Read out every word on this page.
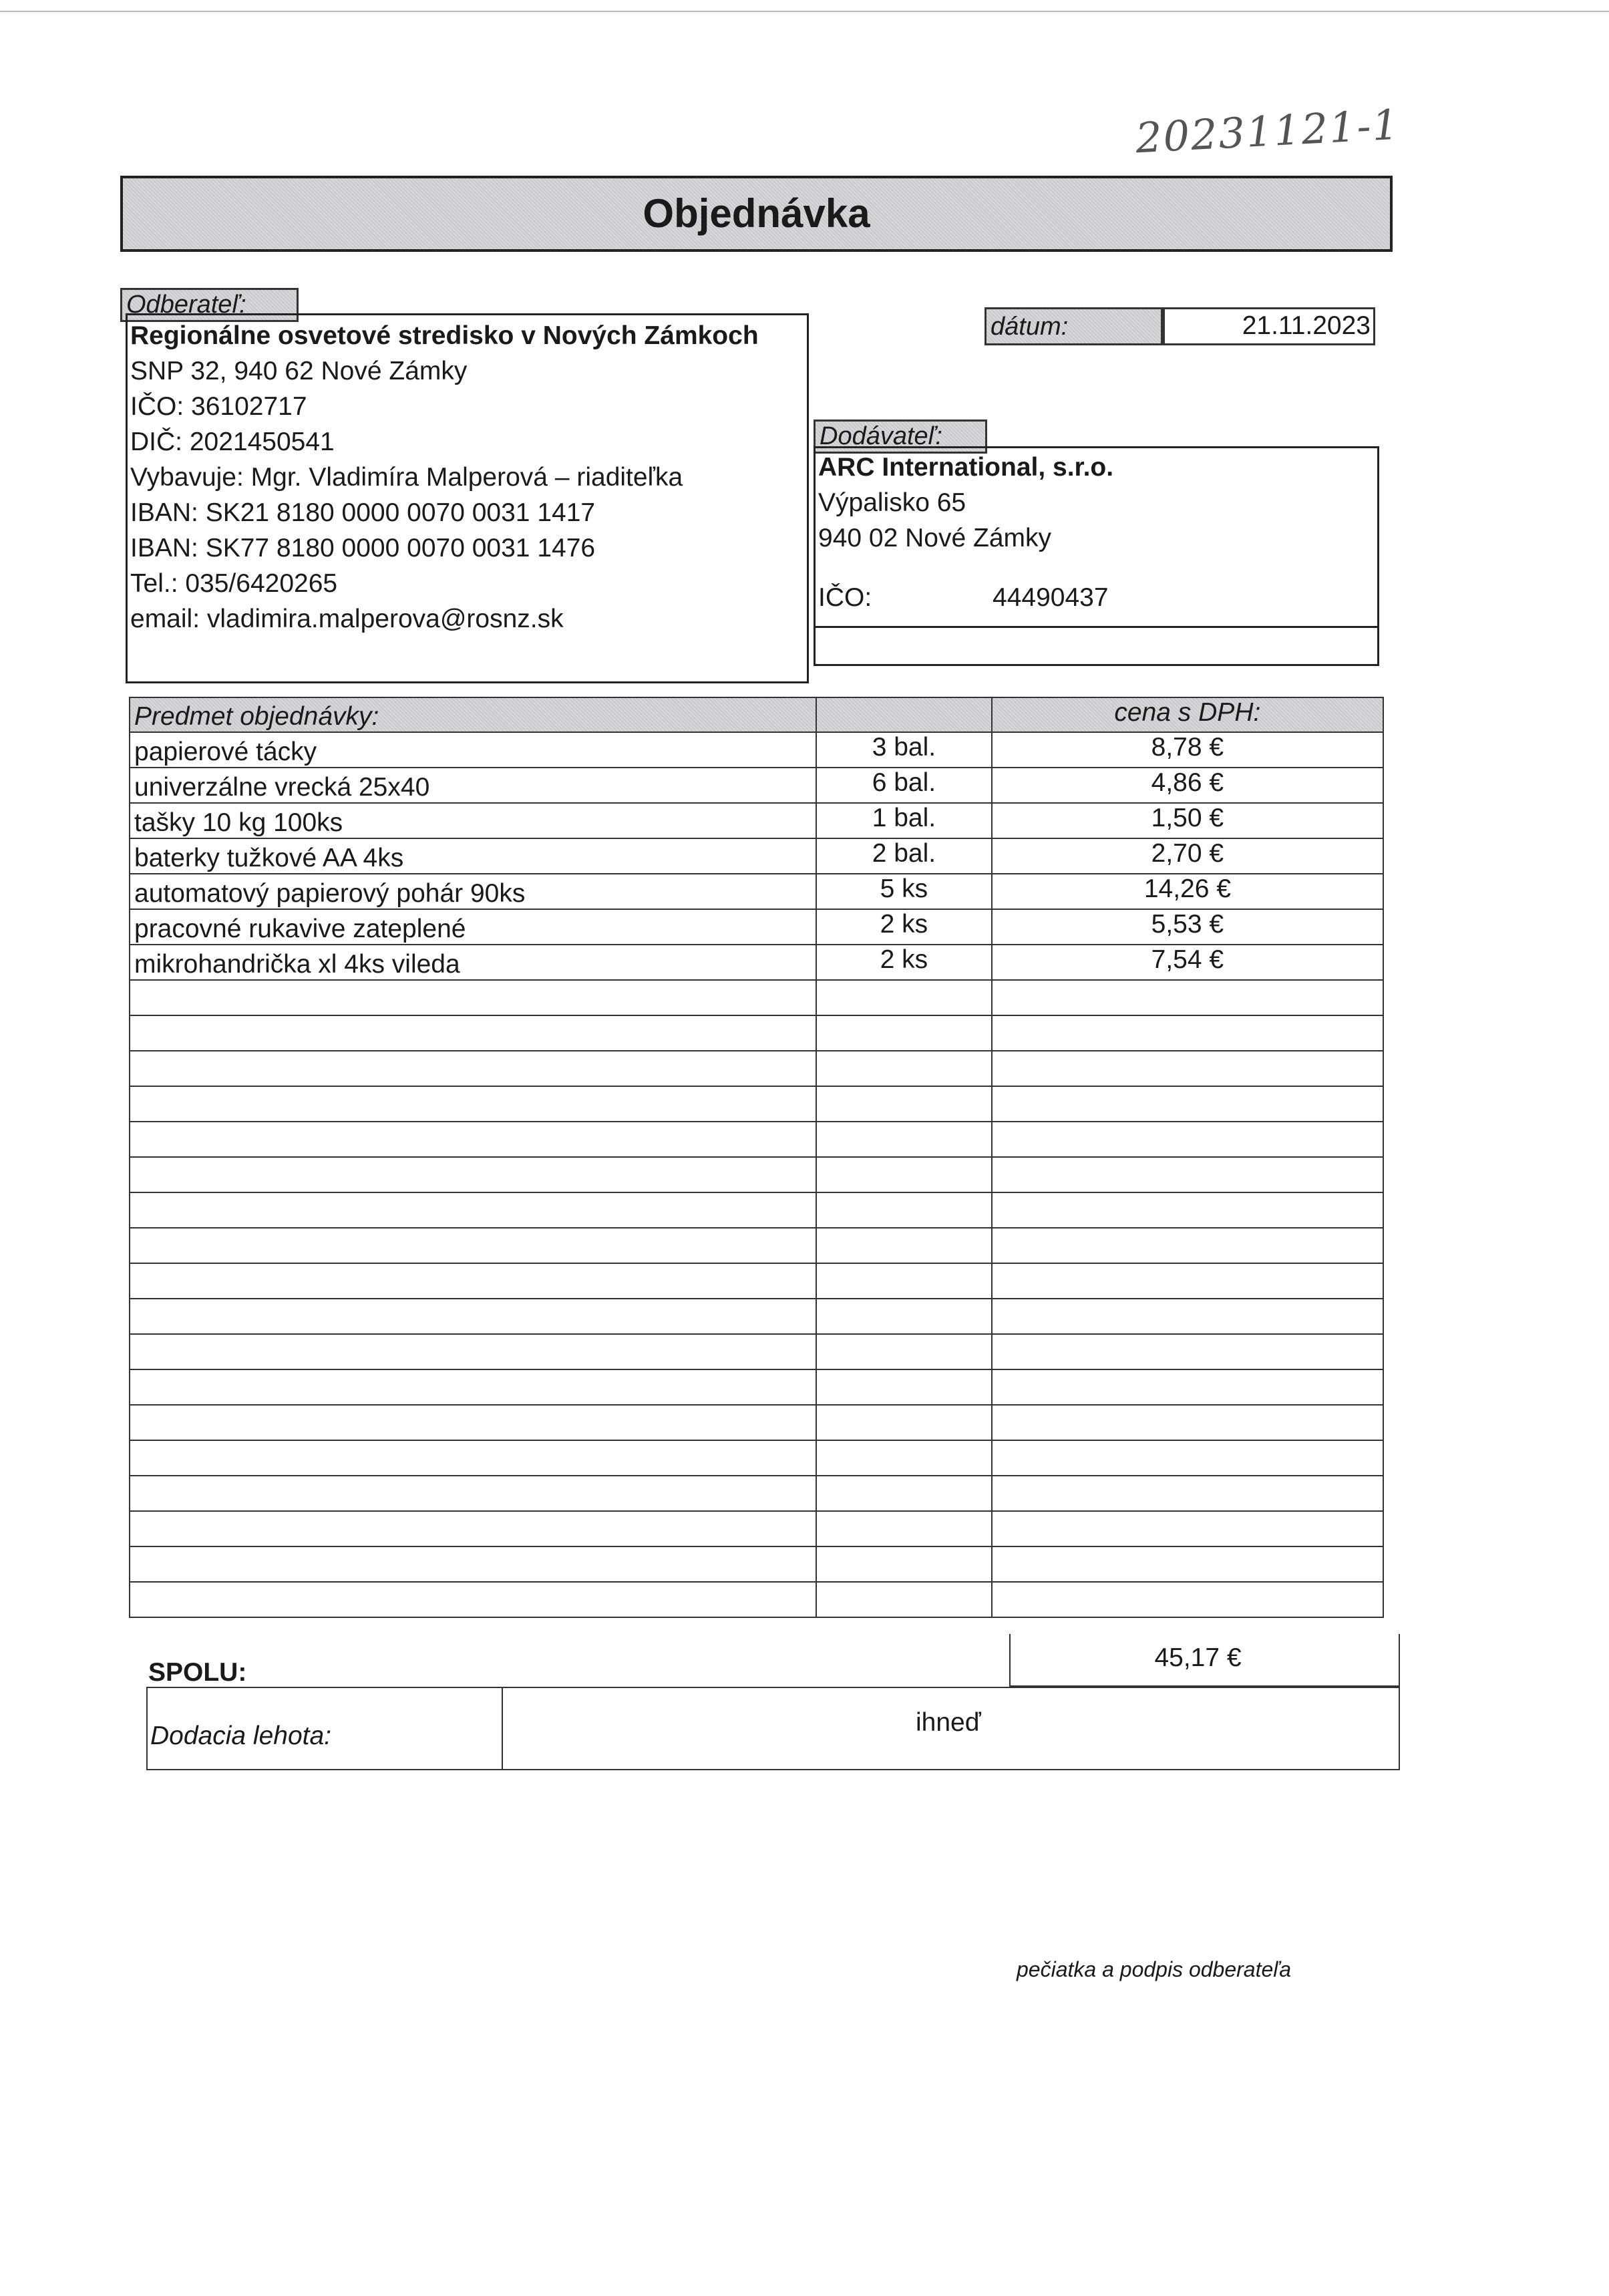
20231121-1
Objednávka
Odberateľ:
Regionálne osvetové stredisko v Nových Zámkoch
SNP 32, 940 62 Nové Zámky
IČO: 36102717
DIČ: 2021450541
Vybavuje: Mgr. Vladimíra Malperová – riaditeľka
IBAN: SK21 8180 0000 0070 0031 1417
IBAN: SK77 8180 0000 0070 0031 1476
Tel.: 035/6420265
email: vladimira.malperova@rosnz.sk
dátum:	21.11.2023
Dodávateľ:
ARC International, s.r.o.
Výpalisko 65
940 02 Nové Zámky
IČO:	44490437
Predmet objednávky:		cena s DPH:
papierové tácky	3 bal.	8,78 €
univerzálne vrecká 25x40	6 bal.	4,86 €
tašky 10 kg 100ks	1 bal.	1,50 €
baterky tužkové AA 4ks	2 bal.	2,70 €
automatový papierový pohár 90ks	5 ks	14,26 €
pracovné rukavive zateplené	2 ks	5,53 €
mikrohandrička xl 4ks vileda	2 ks	7,54 €

SPOLU:
45,17 €
Dodacia lehota:	ihneď
pečiatka a podpis odberateľa
